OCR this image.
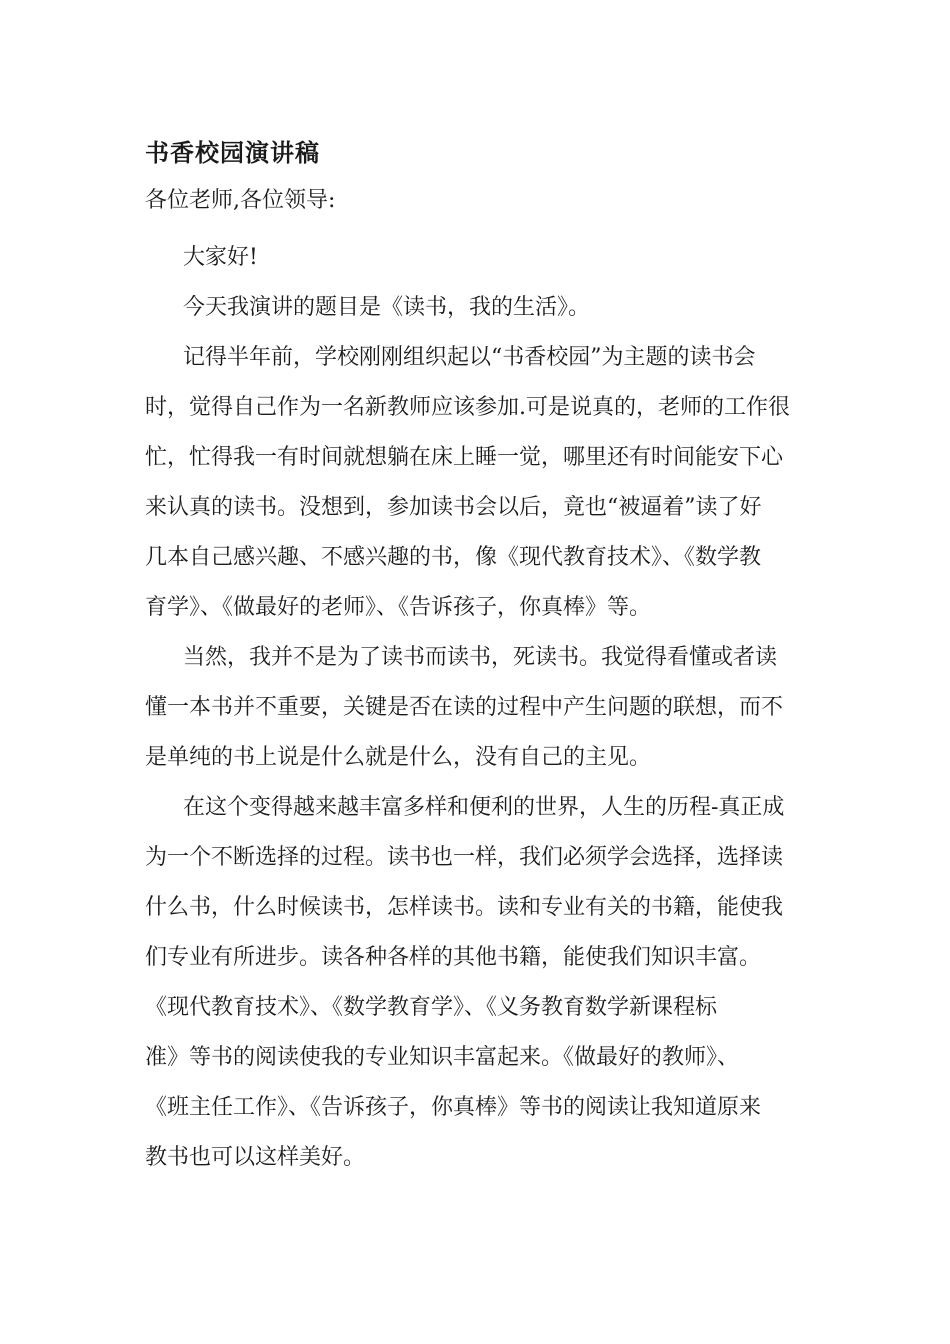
书香校园演讲稿

各位老师,各位领导:

大家好!
今天我演讲的题目是《读书，我的生活》。
记得半年前，学校刚刚组织起以“书香校园”为主题的读书会
时，觉得自己作为一名新教师应该参加.可是说真的，老师的工作很
忙，忙得我一有时间就想躺在床上睡一觉，哪里还有时间能安下心
来认真的读书。没想到，参加读书会以后，竟也“被逼着”读了好
几本自己感兴趣、不感兴趣的书，像《现代教育技术》、《数学教
育学》、《做最好的老师》、《告诉孩子，你真棒》等。
当然，我并不是为了读书而读书，死读书。我觉得看懂或者读
懂一本书并不重要，关键是否在读的过程中产生问题的联想，而不
是单纯的书上说是什么就是什么，没有自己的主见。
在这个变得越来越丰富多样和便利的世界，人生的历程-真正成
为一个不断选择的过程。读书也一样，我们必须学会选择，选择读
什么书，什么时候读书，怎样读书。读和专业有关的书籍，能使我
们专业有所进步。读各种各样的其他书籍，能使我们知识丰富。
《现代教育技术》、《数学教育学》、《义务教育数学新课程标
准》等书的阅读使我的专业知识丰富起来。《做最好的教师》、
《班主任工作》、《告诉孩子，你真棒》等书的阅读让我知道原来
教书也可以这样美好。
